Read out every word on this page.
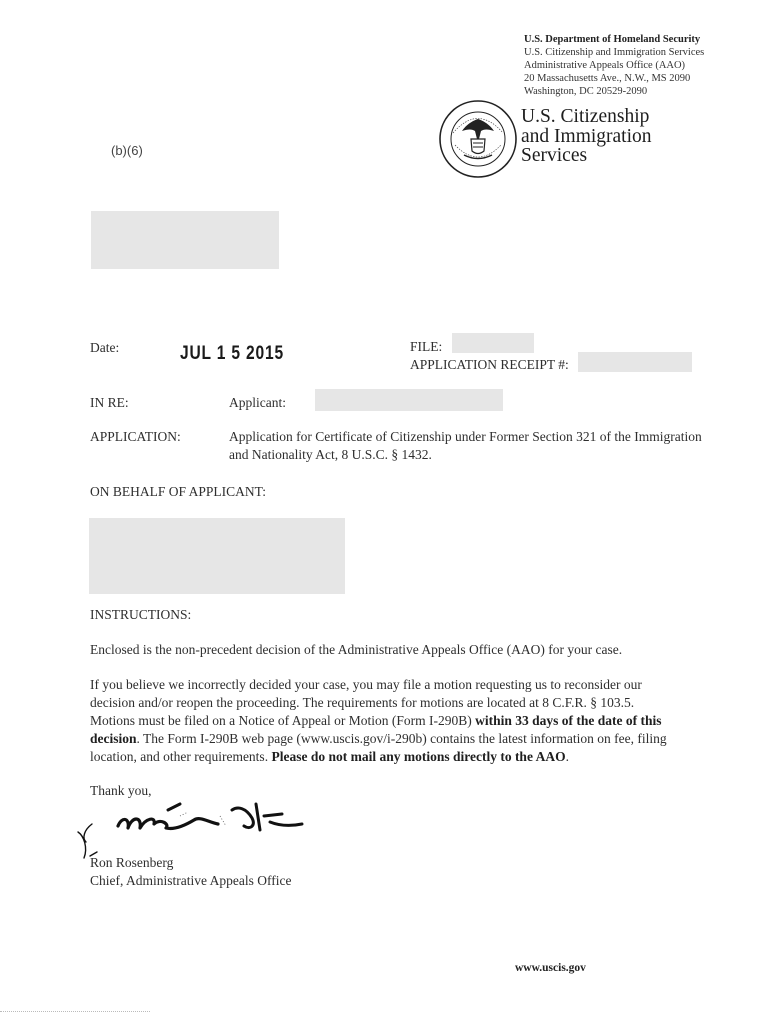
U.S. Department of Homeland Security
U.S. Citizenship and Immigration Services
Administrative Appeals Office (AAO)
20 Massachusetts Ave., N.W., MS 2090
Washington, DC 20529-2090
U.S. Citizenship
and Immigration
Services
(b)(6)
Date:	JUL 1 5 2015	FILE:
APPLICATION RECEIPT #:
IN RE:	Applicant:
APPLICATION:	Application for Certificate of Citizenship under Former Section 321 of the Immigration
and Nationality Act, 8 U.S.C. § 1432.
ON BEHALF OF APPLICANT:
INSTRUCTIONS:
Enclosed is the non-precedent decision of the Administrative Appeals Office (AAO) for your case.
If you believe we incorrectly decided your case, you may file a motion requesting us to reconsider our
decision and/or reopen the proceeding. The requirements for motions are located at 8 C.F.R. § 103.5.
Motions must be filed on a Notice of Appeal or Motion (Form I-290B) within 33 days of the date of this
decision. The Form I-290B web page (www.uscis.gov/i-290b) contains the latest information on fee, filing
location, and other requirements. Please do not mail any motions directly to the AAO.
Thank you,
Ron Rosenberg
Chief, Administrative Appeals Office
www.uscis.gov
